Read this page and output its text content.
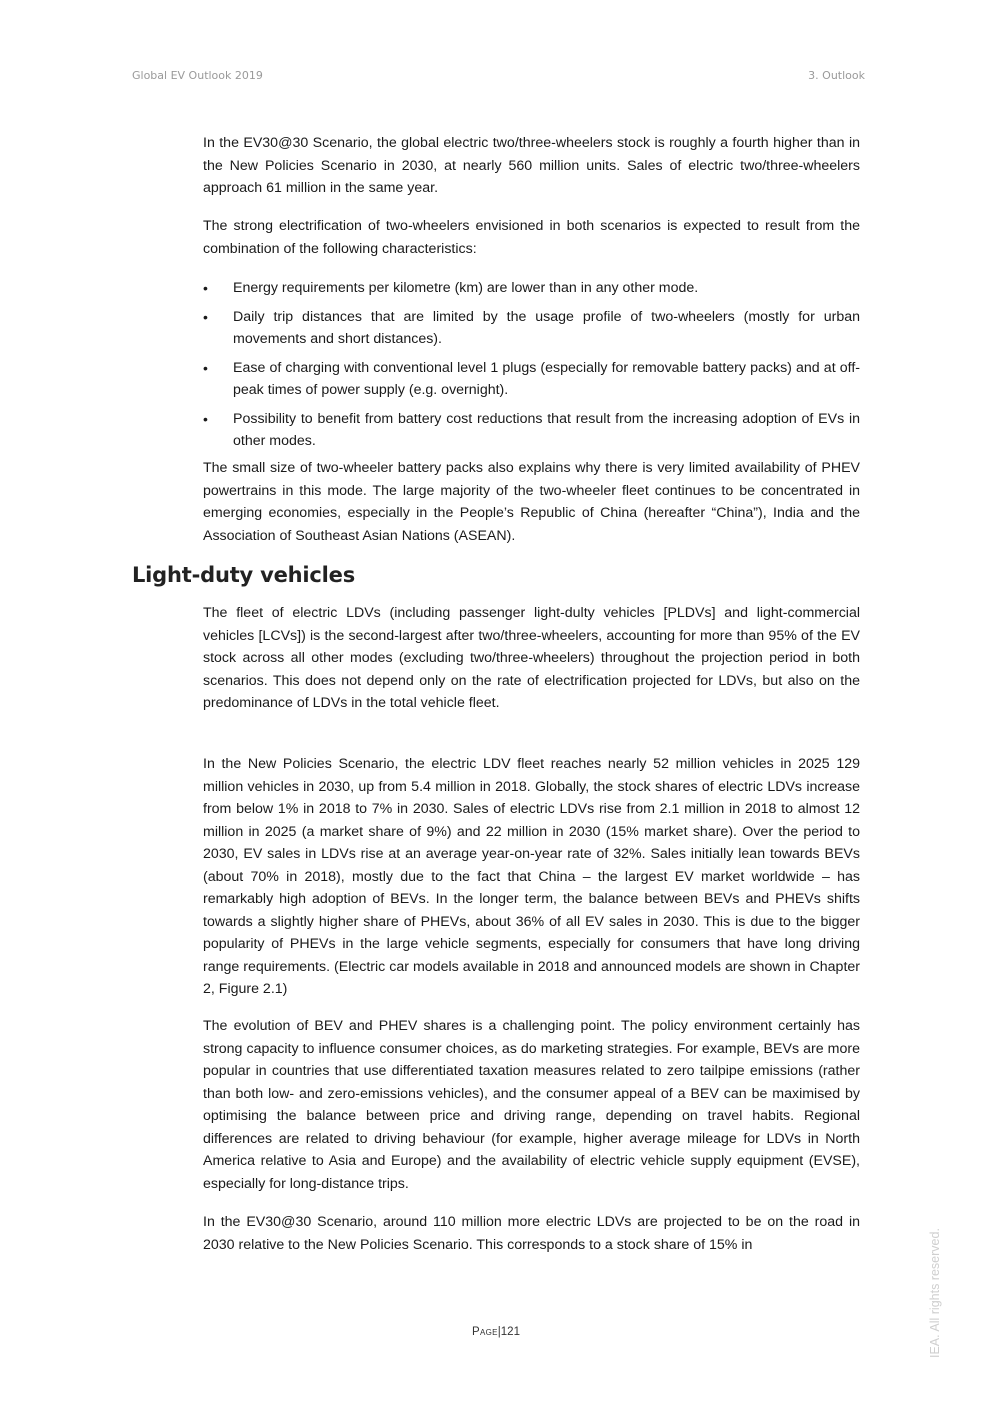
Global EV Outlook 2019	3. Outlook

In the EV30@30 Scenario, the global electric two/three-wheelers stock is roughly a fourth higher than in the New Policies Scenario in 2030, at nearly 560 million units. Sales of electric two/three-wheelers approach 61 million in the same year.

The strong electrification of two-wheelers envisioned in both scenarios is expected to result from the combination of the following characteristics:

•	Energy requirements per kilometre (km) are lower than in any other mode.
•	Daily trip distances that are limited by the usage profile of two-wheelers (mostly for urban movements and short distances).
•	Ease of charging with conventional level 1 plugs (especially for removable battery packs) and at off-peak times of power supply (e.g. overnight).
•	Possibility to benefit from battery cost reductions that result from the increasing adoption of EVs in other modes.

The small size of two-wheeler battery packs also explains why there is very limited availability of PHEV powertrains in this mode. The large majority of the two-wheeler fleet continues to be concentrated in emerging economies, especially in the People’s Republic of China (hereafter “China”), India and the Association of Southeast Asian Nations (ASEAN).

Light-duty vehicles

The fleet of electric LDVs (including passenger light-dulty vehicles [PLDVs] and light-commercial vehicles [LCVs]) is the second-largest after two/three-wheelers, accounting for more than 95% of the EV stock across all other modes (excluding two/three-wheelers) throughout the projection period in both scenarios. This does not depend only on the rate of electrification projected for LDVs, but also on the predominance of LDVs in the total vehicle fleet.

In the New Policies Scenario, the electric LDV fleet reaches nearly 52 million vehicles in 2025 129 million vehicles in 2030, up from 5.4 million in 2018. Globally, the stock shares of electric LDVs increase from below 1% in 2018 to 7% in 2030. Sales of electric LDVs rise from 2.1 million in 2018 to almost 12 million in 2025 (a market share of 9%) and 22 million in 2030 (15% market share). Over the period to 2030, EV sales in LDVs rise at an average year-on-year rate of 32%. Sales initially lean towards BEVs (about 70% in 2018), mostly due to the fact that China – the largest EV market worldwide – has remarkably high adoption of BEVs. In the longer term, the balance between BEVs and PHEVs shifts towards a slightly higher share of PHEVs, about 36% of all EV sales in 2030. This is due to the bigger popularity of PHEVs in the large vehicle segments, especially for consumers that have long driving range requirements. (Electric car models available in 2018 and announced models are shown in Chapter 2, Figure 2.1)

The evolution of BEV and PHEV shares is a challenging point. The policy environment certainly has strong capacity to influence consumer choices, as do marketing strategies. For example, BEVs are more popular in countries that use differentiated taxation measures related to zero tailpipe emissions (rather than both low- and zero-emissions vehicles), and the consumer appeal of a BEV can be maximised by optimising the balance between price and driving range, depending on travel habits. Regional differences are related to driving behaviour (for example, higher average mileage for LDVs in North America relative to Asia and Europe) and the availability of electric vehicle supply equipment (EVSE), especially for long-distance trips.

In the EV30@30 Scenario, around 110 million more electric LDVs are projected to be on the road in 2030 relative to the New Policies Scenario. This corresponds to a stock share of 15% in

Page|121	IEA. All rights reserved.
